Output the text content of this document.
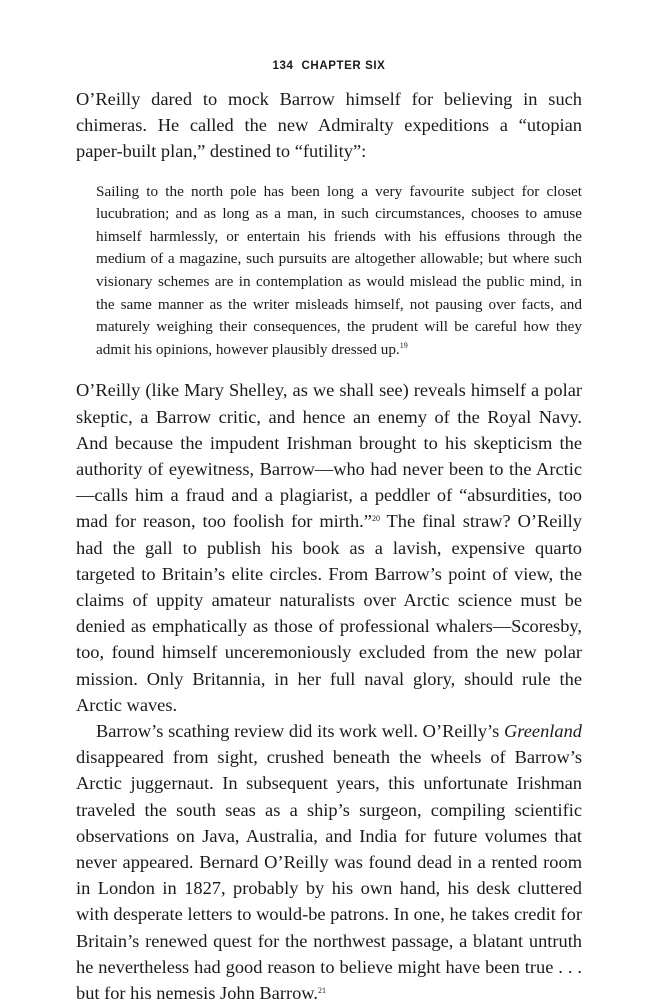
134 CHAPTER SIX

O’Reilly dared to mock Barrow himself for believing in such chimeras. He called the new Admiralty expeditions a “utopian paper-built plan,” destined to “futility”:

Sailing to the north pole has been long a very favourite subject for closet lucubration; and as long as a man, in such circumstances, chooses to amuse himself harmlessly, or entertain his friends with his effusions through the medium of a magazine, such pursuits are altogether allowable; but where such visionary schemes are in contemplation as would mislead the public mind, in the same manner as the writer misleads himself, not pausing over facts, and maturely weighing their consequences, the prudent will be careful how they admit his opinions, however plausibly dressed up.$^{19}$

O’Reilly (like Mary Shelley, as we shall see) reveals himself a polar skeptic, a Barrow critic, and hence an enemy of the Royal Navy. And because the impudent Irishman brought to his skepticism the authority of eyewitness, Barrow—who had never been to the Arctic—calls him a fraud and a plagiarist, a peddler of “absurdities, too mad for reason, too foolish for mirth.”$^{20}$ The final straw? O’Reilly had the gall to publish his book as a lavish, expensive quarto targeted to Britain’s elite circles. From Barrow’s point of view, the claims of uppity amateur naturalists over Arctic science must be denied as emphatically as those of professional whalers—Scoresby, too, found himself unceremoniously excluded from the new polar mission. Only Britannia, in her full naval glory, should rule the Arctic waves.

Barrow’s scathing review did its work well. O’Reilly’s Greenland disappeared from sight, crushed beneath the wheels of Barrow’s Arctic juggernaut. In subsequent years, this unfortunate Irishman traveled the south seas as a ship’s surgeon, compiling scientific observations on Java, Australia, and India for future volumes that never appeared. Bernard O’Reilly was found dead in a rented room in London in 1827, probably by his own hand, his desk cluttered with desperate letters to would-be patrons. In one, he takes credit for Britain’s renewed quest for the northwest passage, a blatant untruth he nevertheless had good reason to believe might have been true . . . but for his nemesis John Barrow.$^{21}$
